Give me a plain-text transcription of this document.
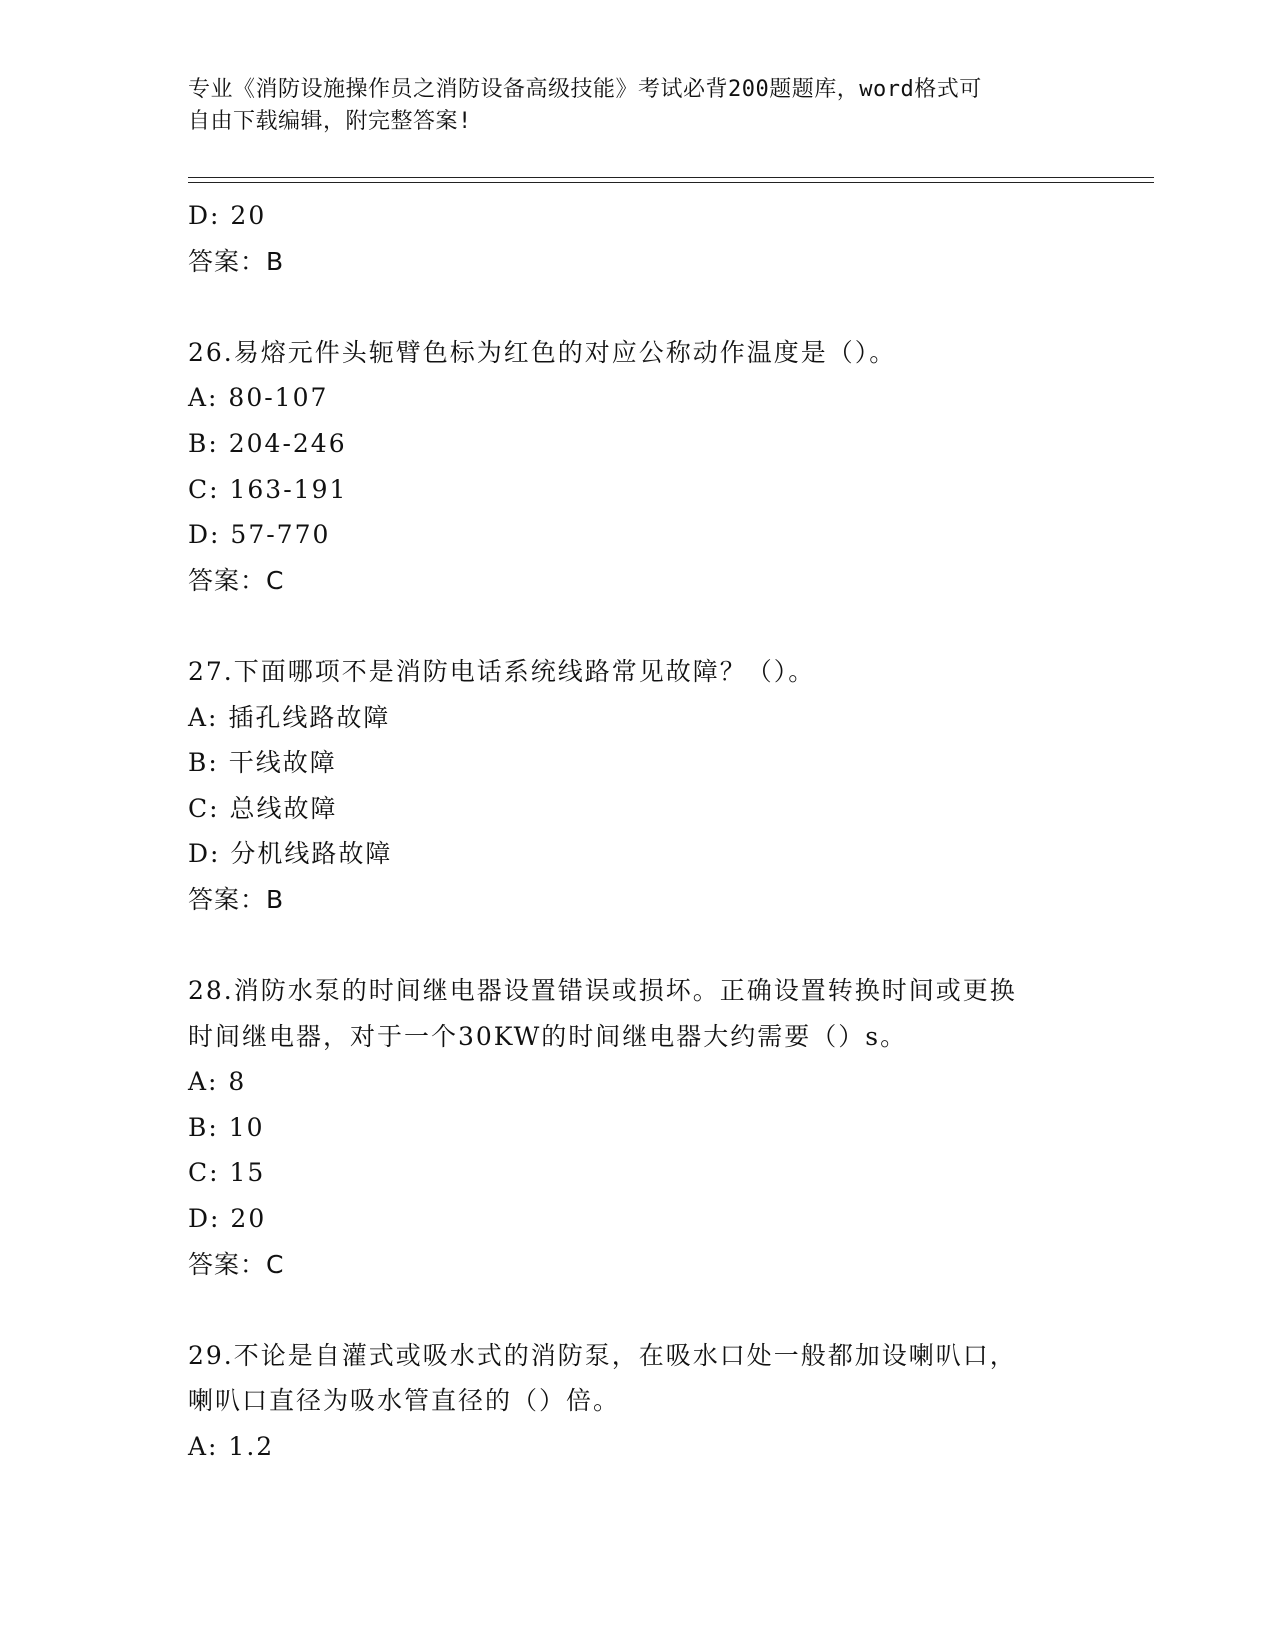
专业《消防设施操作员之消防设备高级技能》考试必背200题题库，word格式可
自由下载编辑，附完整答案!
D: 20
答案：B
26.易熔元件头轭臂色标为红色的对应公称动作温度是（）。
A: 80-107
B: 204-246
C: 163-191
D: 57-770
答案：C
27.下面哪项不是消防电话系统线路常见故障？（）。
A: 插孔线路故障
B: 干线故障
C: 总线故障
D: 分机线路故障
答案：B
28.消防水泵的时间继电器设置错误或损坏。正确设置转换时间或更换
时间继电器，对于一个30KW的时间继电器大约需要（）s。
A: 8
B: 10
C: 15
D: 20
答案：C
29.不论是自灌式或吸水式的消防泵，在吸水口处一般都加设喇叭口，
喇叭口直径为吸水管直径的（）倍。
A: 1.2
